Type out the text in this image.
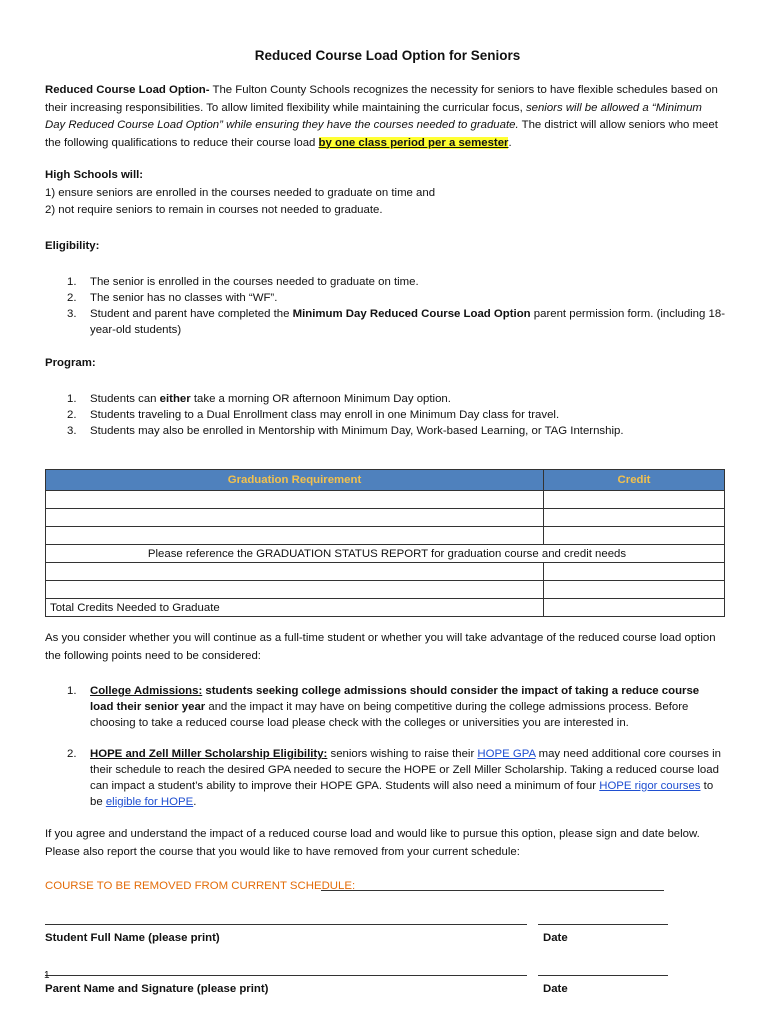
Reduced Course Load Option for Seniors
Reduced Course Load Option- The Fulton County Schools recognizes the necessity for seniors to have flexible schedules based on their increasing responsibilities. To allow limited flexibility while maintaining the curricular focus, seniors will be allowed a “Minimum Day Reduced Course Load Option” while ensuring they have the courses needed to graduate. The district will allow seniors who meet the following qualifications to reduce their course load by one class period per a semester.
High Schools will:
1) ensure seniors are enrolled in the courses needed to graduate on time and
2) not require seniors to remain in courses not needed to graduate.
Eligibility:
1. The senior is enrolled in the courses needed to graduate on time.
2. The senior has no classes with “WF”.
3. Student and parent have completed the Minimum Day Reduced Course Load Option parent permission form. (including 18-year-old students)
Program:
1. Students can either take a morning OR afternoon Minimum Day option.
2. Students traveling to a Dual Enrollment class may enroll in one Minimum Day class for travel.
3. Students may also be enrolled in Mentorship with Minimum Day, Work-based Learning, or TAG Internship.
Graduation Requirement	Credit

Please reference the GRADUATION STATUS REPORT for graduation course and credit needs	

Total Credits Needed to Graduate	
As you consider whether you will continue as a full-time student or whether you will take advantage of the reduced course load option the following points need to be considered:
1. College Admissions: students seeking college admissions should consider the impact of taking a reduce course load their senior year and the impact it may have on being competitive during the college admissions process. Before choosing to take a reduced course load please check with the colleges or universities you are interested in.
2. HOPE and Zell Miller Scholarship Eligibility: seniors wishing to raise their HOPE GPA may need additional core courses in their schedule to reach the desired GPA needed to secure the HOPE or Zell Miller Scholarship. Taking a reduced course load can impact a student’s ability to improve their HOPE GPA. Students will also need a minimum of four HOPE rigor courses to be eligible for HOPE.
If you agree and understand the impact of a reduced course load and would like to pursue this option, please sign and date below. Please also report the course that you would like to have removed from your current schedule:
COURSE TO BE REMOVED FROM CURRENT SCHEDULE:
Student Full Name (please print)	Date
1
Parent Name and Signature (please print)	Date
